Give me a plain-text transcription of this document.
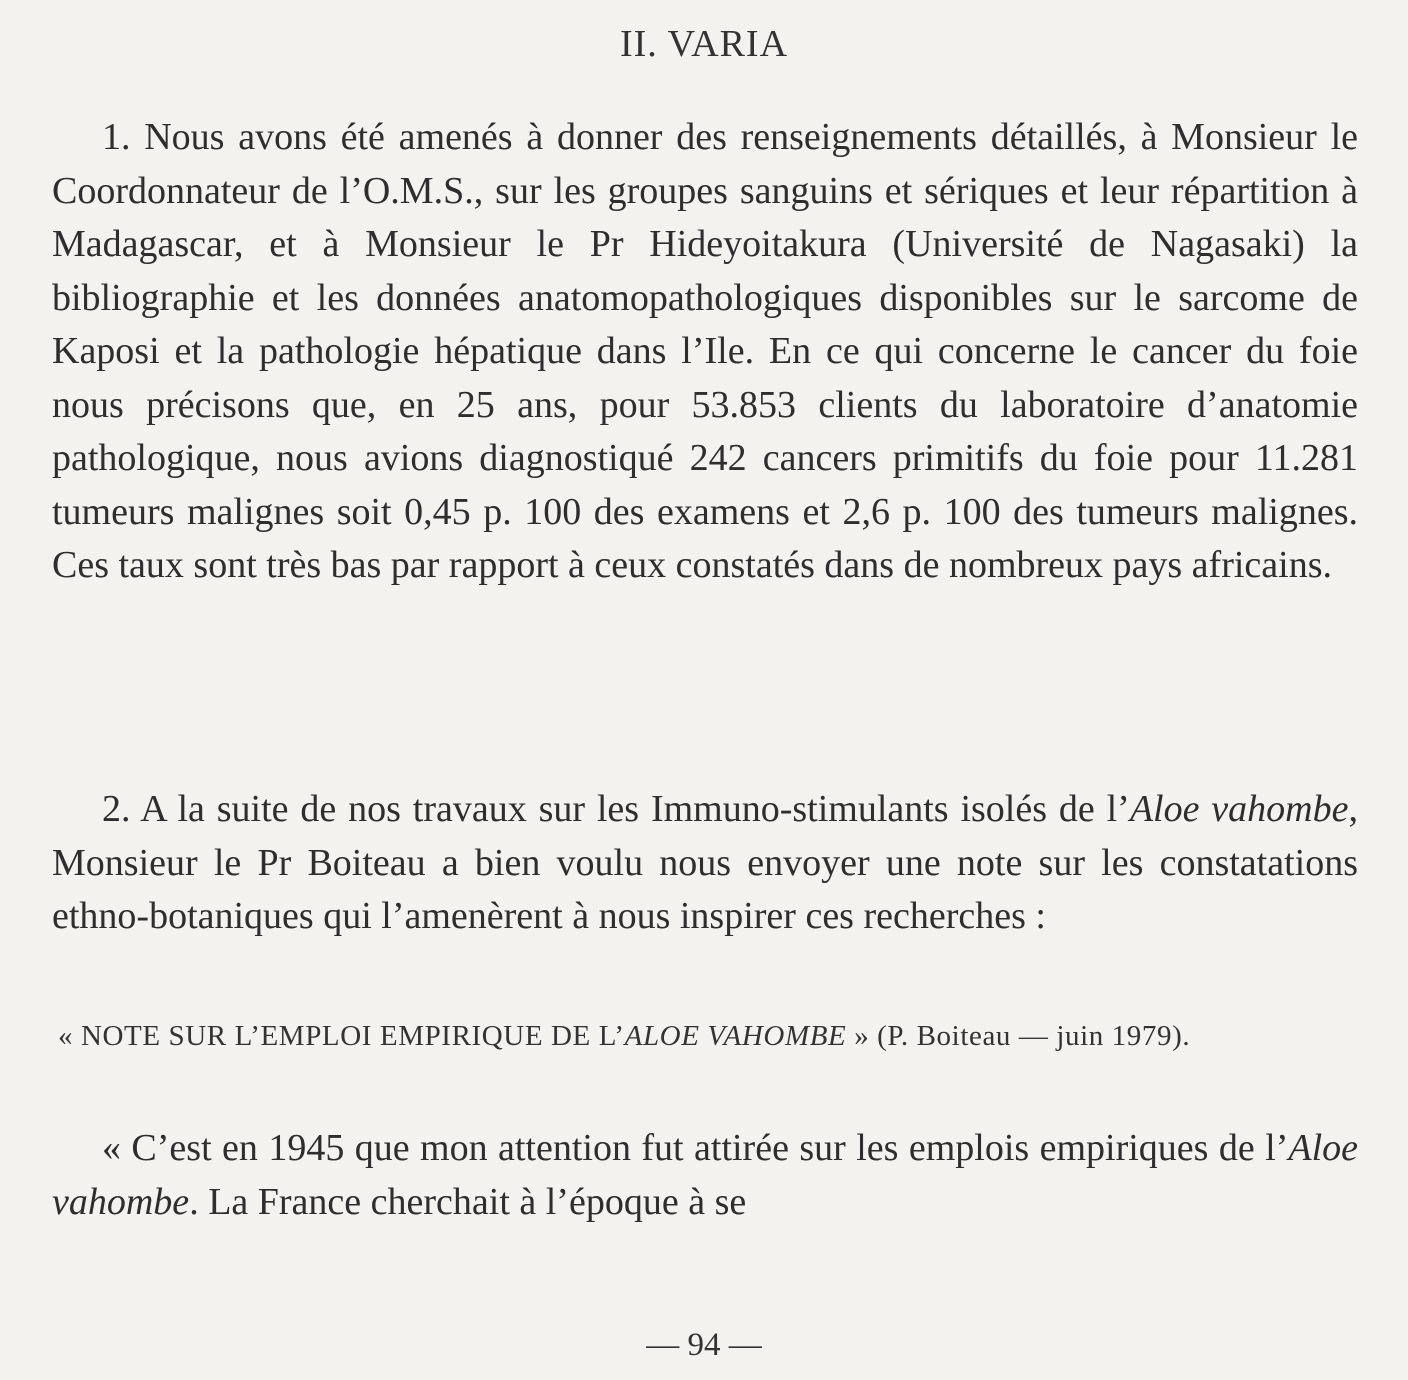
II. VARIA

1. Nous avons été amenés à donner des renseignements détaillés, à Monsieur le Coordonnateur de l’O.M.S., sur les groupes sanguins et sériques et leur répartition à Madagascar, et à Monsieur le Pr Hideyoitakura (Université de Nagasaki) la bibliographie et les données anatomopathologiques disponibles sur le sarcome de Kaposi et la pathologie hépatique dans l’Ile. En ce qui concerne le cancer du foie nous précisons que, en 25 ans, pour 53.853 clients du laboratoire d’anatomie pathologique, nous avions diagnostiqué 242 cancers primitifs du foie pour 11.281 tumeurs malignes soit 0,45 p. 100 des examens et 2,6 p. 100 des tumeurs malignes. Ces taux sont très bas par rapport à ceux constatés dans de nombreux pays africains.

2. A la suite de nos travaux sur les Immuno-stimulants isolés de l’Aloe vahombe, Monsieur le Pr Boiteau a bien voulu nous envoyer une note sur les constatations ethno-botaniques qui l’amenèrent à nous inspirer ces recherches :

« NOTE SUR L’EMPLOI EMPIRIQUE DE L’ALOE VAHOMBE » (P. Boiteau — juin 1979).

« C’est en 1945 que mon attention fut attirée sur les emplois empiriques de l’Aloe vahombe. La France cherchait à l’époque à se

— 94 —
